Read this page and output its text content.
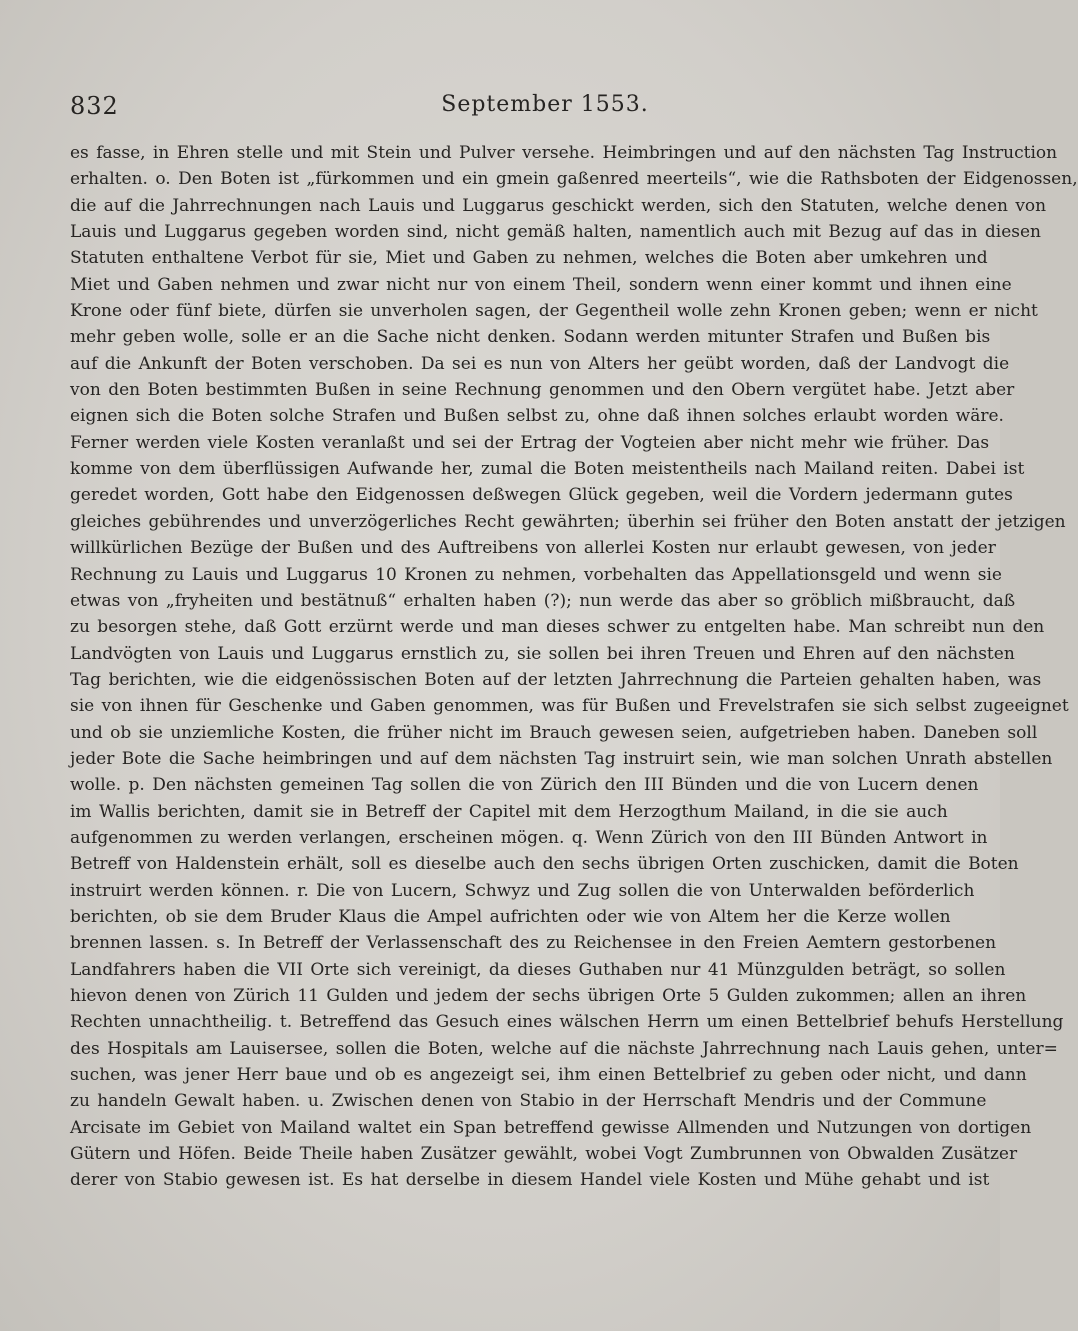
832	September 1553.
es fasse, in Ehren stelle und mit Stein und Pulver versehe. Heimbringen und auf den nächsten Tag Instruction
erhalten. o. Den Boten ist „fürkommen und ein gmein gaßenred meerteils“, wie die Rathsboten der Eidgenossen,
die auf die Jahrrechnungen nach Lauis und Luggarus geschickt werden, sich den Statuten, welche denen von
Lauis und Luggarus gegeben worden sind, nicht gemäß halten, namentlich auch mit Bezug auf das in diesen
Statuten enthaltene Verbot für sie, Miet und Gaben zu nehmen, welches die Boten aber umkehren und
Miet und Gaben nehmen und zwar nicht nur von einem Theil, sondern wenn einer kommt und ihnen eine
Krone oder fünf biete, dürfen sie unverholen sagen, der Gegentheil wolle zehn Kronen geben; wenn er nicht
mehr geben wolle, solle er an die Sache nicht denken. Sodann werden mitunter Strafen und Bußen bis
auf die Ankunft der Boten verschoben. Da sei es nun von Alters her geübt worden, daß der Landvogt die
von den Boten bestimmten Bußen in seine Rechnung genommen und den Obern vergütet habe. Jetzt aber
eignen sich die Boten solche Strafen und Bußen selbst zu, ohne daß ihnen solches erlaubt worden wäre.
Ferner werden viele Kosten veranlaßt und sei der Ertrag der Vogteien aber nicht mehr wie früher. Das
komme von dem überflüssigen Aufwande her, zumal die Boten meistentheils nach Mailand reiten. Dabei ist
geredet worden, Gott habe den Eidgenossen deßwegen Glück gegeben, weil die Vordern jedermann gutes
gleiches gebührendes und unverzögerliches Recht gewährten; überhin sei früher den Boten anstatt der jetzigen
willkürlichen Bezüge der Bußen und des Auftreibens von allerlei Kosten nur erlaubt gewesen, von jeder
Rechnung zu Lauis und Luggarus 10 Kronen zu nehmen, vorbehalten das Appellationsgeld und wenn sie
etwas von „fryheiten und bestätnuß“ erhalten haben (?); nun werde das aber so gröblich mißbraucht, daß
zu besorgen stehe, daß Gott erzürnt werde und man dieses schwer zu entgelten habe. Man schreibt nun den
Landvögten von Lauis und Luggarus ernstlich zu, sie sollen bei ihren Treuen und Ehren auf den nächsten
Tag berichten, wie die eidgenössischen Boten auf der letzten Jahrrechnung die Parteien gehalten haben, was
sie von ihnen für Geschenke und Gaben genommen, was für Bußen und Frevelstrafen sie sich selbst zugeeignet
und ob sie unziemliche Kosten, die früher nicht im Brauch gewesen seien, aufgetrieben haben. Daneben soll
jeder Bote die Sache heimbringen und auf dem nächsten Tag instruirt sein, wie man solchen Unrath abstellen
wolle. p. Den nächsten gemeinen Tag sollen die von Zürich den III Bünden und die von Lucern denen
im Wallis berichten, damit sie in Betreff der Capitel mit dem Herzogthum Mailand, in die sie auch
aufgenommen zu werden verlangen, erscheinen mögen. q. Wenn Zürich von den III Bünden Antwort in
Betreff von Haldenstein erhält, soll es dieselbe auch den sechs übrigen Orten zuschicken, damit die Boten
instruirt werden können. r. Die von Lucern, Schwyz und Zug sollen die von Unterwalden beförderlich
berichten, ob sie dem Bruder Klaus die Ampel aufrichten oder wie von Altem her die Kerze wollen
brennen lassen. s. In Betreff der Verlassenschaft des zu Reichensee in den Freien Aemtern gestorbenen
Landfahrers haben die VII Orte sich vereinigt, da dieses Guthaben nur 41 Münzgulden beträgt, so sollen
hievon denen von Zürich 11 Gulden und jedem der sechs übrigen Orte 5 Gulden zukommen; allen an ihren
Rechten unnachtheilig. t. Betreffend das Gesuch eines wälschen Herrn um einen Bettelbrief behufs Herstellung
des Hospitals am Lauisersee, sollen die Boten, welche auf die nächste Jahrrechnung nach Lauis gehen, unter=
suchen, was jener Herr baue und ob es angezeigt sei, ihm einen Bettelbrief zu geben oder nicht, und dann
zu handeln Gewalt haben. u. Zwischen denen von Stabio in der Herrschaft Mendris und der Commune
Arcisate im Gebiet von Mailand waltet ein Span betreffend gewisse Allmenden und Nutzungen von dortigen
Gütern und Höfen. Beide Theile haben Zusätzer gewählt, wobei Vogt Zumbrunnen von Obwalden Zusätzer
derer von Stabio gewesen ist. Es hat derselbe in diesem Handel viele Kosten und Mühe gehabt und ist
